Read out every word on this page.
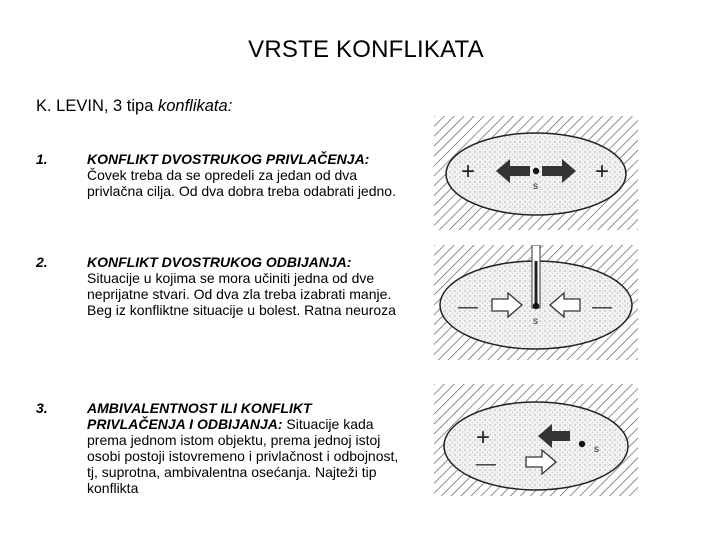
VRSTE KONFLIKATA
K. LEVIN, 3 tipa konflikata:
1.	KONFLIKT DVOSTRUKOG PRIVLAČENJA: Čovek treba da se opredeli za jedan od dva privlačna cilja. Od dva dobra treba odabrati jedno.
2.	KONFLIKT DVOSTRUKOG ODBIJANJA: Situacije u kojima se mora učiniti jedna od dve neprijatne stvari. Od dva zla treba izabrati manje. Beg iz konfliktne situacije u bolest. Ratna neuroza
3.	AMBIVALENTNOST ILI KONFLIKT PRIVLAČENJA I ODBIJANJA: Situacije kada prema jednom istom objektu, prema jednoj istoj osobi postoji istovremeno i privlačnost i odbojnost, tj, suprotna, ambivalentna osećanja. Najteži tip konflikta
+	+
s
—	—
s
+
—
s
